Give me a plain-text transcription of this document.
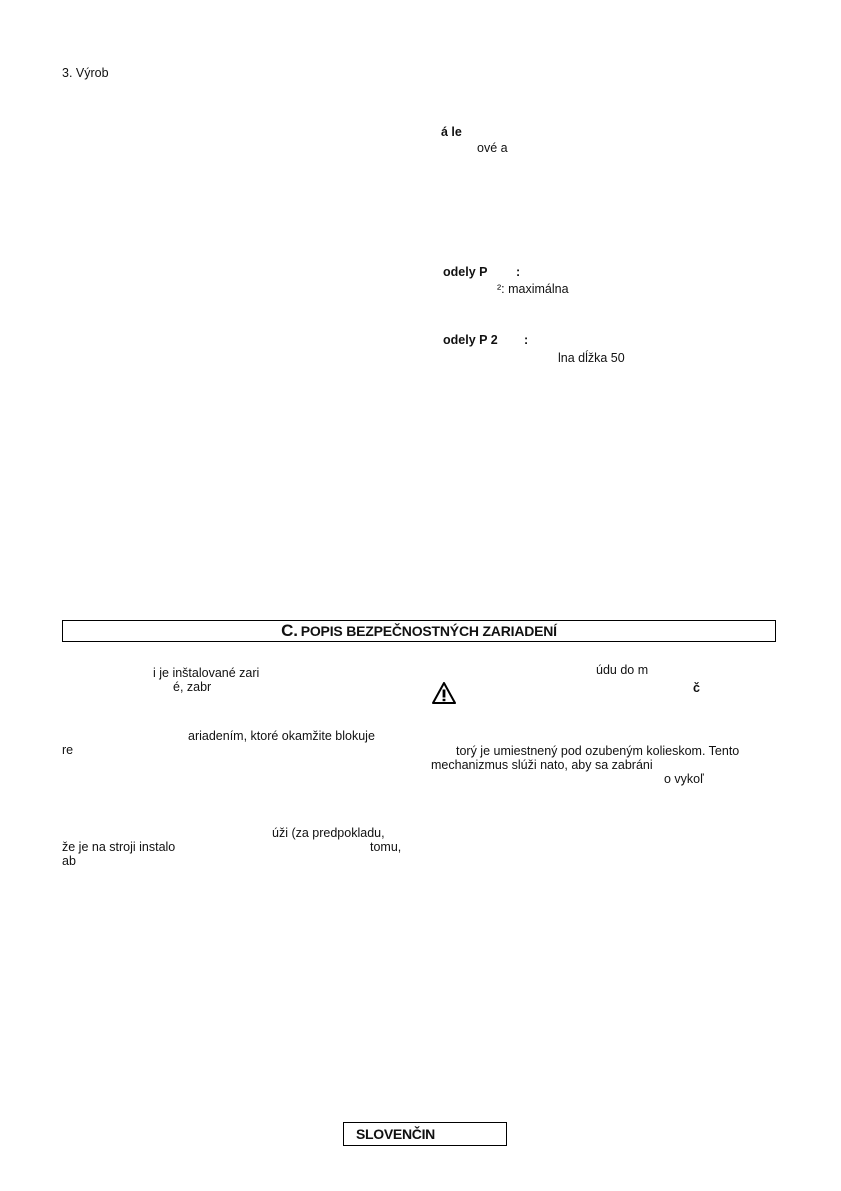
3. Výrob
á le
ové a
odely P :
²: maximálna
odely P 2 :
lna dĺžka 50
C. POPIS BEZPEČNOSTNÝCH ZARIADENÍ
i je inštalované zari
é, zabr
ariadením, ktoré okamžite blokuje
re
úži (za predpokladu,
že je na stroji instalo	tomu,
ab
údu do m
č
torý je umiestnený pod ozubeným kolieskom. Tento
mechanizmus slúži nato, aby sa zabráni
o vykoľ
SLOVENČIN
